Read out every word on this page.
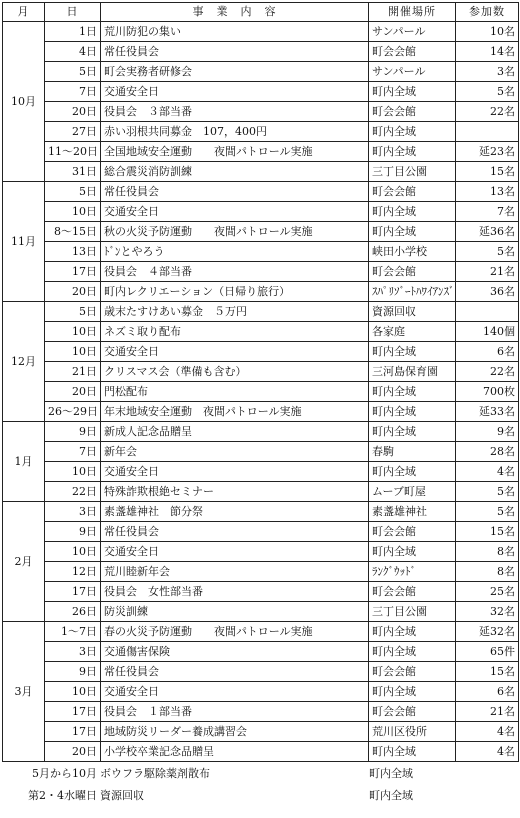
月	日	事　業　内　容	開催場所	参加数
10月	1日	荒川防犯の集い	サンパール	10名
	4日	常任役員会	町会会館	14名
	5日	町会実務者研修会	サンパール	3名
	7日	交通安全日	町内全域	5名
	20日	役員会　３部当番	町会会館	22名
	27日	赤い羽根共同募金　107，400円	町内全域	
	11～20日	全国地域安全運動　　夜間パトロール実施	町内全域	延23名
	31日	総合震災消防訓練	三丁目公園	15名
11月	5日	常任役員会	町会会館	13名
	10日	交通安全日	町内全域	7名
	8～15日	秋の火災予防運動　　夜間パトロール実施	町内全域	延36名
	13日	ﾄﾞﾝとやろう	峡田小学校	5名
	17日	役員会　４部当番	町会会館	21名
	20日	町内レクリエーション（日帰り旅行）	ｽﾊﾟﾘｿﾞｰﾄﾊﾜｲｱﾝｽﾞ	36名
12月	5日	歳末たすけあい募金　５万円	資源回収	
	10日	ネズミ取り配布	各家庭	140個
	10日	交通安全日	町内全域	6名
	21日	クリスマス会（準備も含む）	三河島保育園	22名
	20日	門松配布	町内全域	700枚
	26～29日	年末地域安全運動　夜間パトロール実施	町内全域	延33名
1月	9日	新成人記念品贈呈	町内全域	9名
	7日	新年会	春駒	28名
	10日	交通安全日	町内全域	4名
	22日	特殊詐欺根絶セミナー	ムーブ町屋	5名
2月	3日	素盞雄神社　節分祭	素盞雄神社	5名
	9日	常任役員会	町会会館	15名
	10日	交通安全日	町内全域	8名
	12日	荒川睦新年会	ﾗﾝｸﾞｳｯﾄﾞ	8名
	17日	役員会　女性部当番	町会会館	25名
	26日	防災訓練	三丁目公園	32名
3月	1～7日	春の火災予防運動　　夜間パトロール実施	町内全域	延32名
	3日	交通傷害保険	町内全域	65件
	9日	常任役員会	町会会館	15名
	10日	交通安全日	町内全域	6名
	17日	役員会　１部当番	町会会館	21名
	17日	地域防災リーダー養成講習会	荒川区役所	4名
	20日	小学校卒業記念品贈呈	町内全域	4名
5月から10月 ボウフラ駆除薬剤散布	町内全域
第2・4水曜日 資源回収	町内全域
